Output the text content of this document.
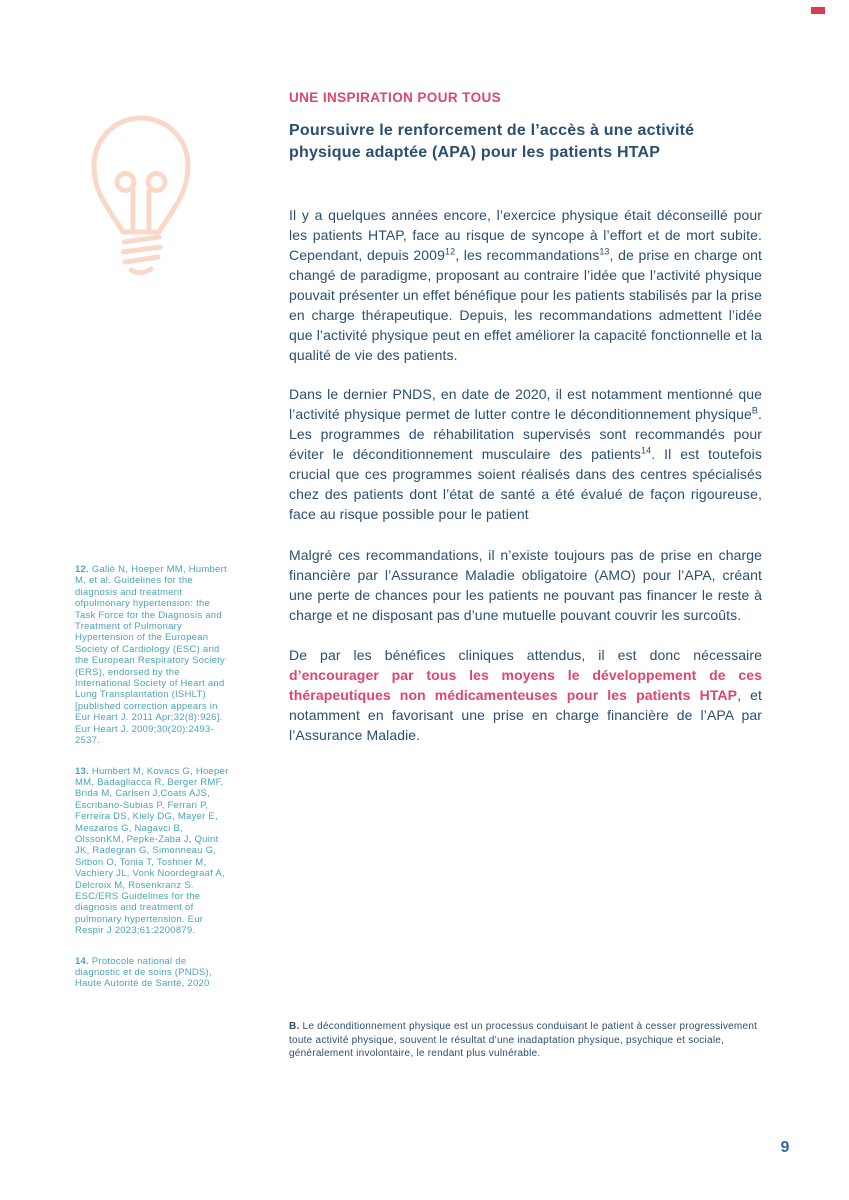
12. Galiè N, Hoeper MM, Humbert M, et al. Guidelines for the diagnosis and treatment ofpulmonary hypertension: the Task Force for the Diagnosis and Treatment of Pulmonary Hypertension of the European Society of Cardiology (ESC) and the European Respiratory Society (ERS), endorsed by the International Society of Heart and Lung Transplantation (ISHLT) [published correction appears in Eur Heart J. 2011 Apr;32(8):926]. Eur Heart J. 2009;30(20):2493-2537.

13. Humbert M, Kovacs G, Hoeper MM, Badagliacca R, Berger RMF, Brida M, Carlsen J,Coats AJS, Escribano-Subias P, Ferrari P, Ferreira DS, Kiely DG, Mayer E, Meszaros G, Nagavci B, OlssonKM, Pepke-Zaba J, Quint JK, Radegran G, Simonneau G, Sitbon O, Tonia T, Toshner M, Vachiery JL, Vonk Noordegraaf A, Delcroix M, Rosenkranz S. ESC/ERS Guidelines for the diagnosis and treatment of pulmonary hypertension. Eur Respir J 2023;61:2200879.

14. Protocole national de diagnostic et de soins (PNDS), Haute Autorité de Santé, 2020

UNE INSPIRATION POUR TOUS
Poursuivre le renforcement de l’accès à une activité physique adaptée (APA) pour les patients HTAP

Il y a quelques années encore, l’exercice physique était déconseillé pour les patients HTAP, face au risque de syncope à l’effort et de mort subite. Cependant, depuis 2009$^{12}$, les recommandations$^{13}$, de prise en charge ont changé de paradigme, proposant au contraire l’idée que l’activité physique pouvait présenter un effet bénéfique pour les patients stabilisés par la prise en charge thérapeutique. Depuis, les recommandations admettent l’idée que l’activité physique peut en effet améliorer la capacité fonctionnelle et la qualité de vie des patients.

Dans le dernier PNDS, en date de 2020, il est notamment mentionné que l’activité physique permet de lutter contre le déconditionnement physique$^B$. Les programmes de réhabilitation supervisés sont recommandés pour éviter le déconditionnement musculaire des patients$^{14}$. Il est toutefois crucial que ces programmes soient réalisés dans des centres spécialisés chez des patients dont l’état de santé a été évalué de façon rigoureuse, face au risque possible pour le patient

Malgré ces recommandations, il n’existe toujours pas de prise en charge financière par l’Assurance Maladie obligatoire (AMO) pour l’APA, créant une perte de chances pour les patients ne pouvant pas financer le reste à charge et ne disposant pas d’une mutuelle pouvant couvrir les surcoûts.

De par les bénéfices cliniques attendus, il est donc nécessaire d’encourager par tous les moyens le développement de ces thérapeutiques non médicamenteuses pour les patients HTAP, et notamment en favorisant une prise en charge financière de l’APA par l’Assurance Maladie.

B. Le déconditionnement physique est un processus conduisant le patient à cesser progressivement toute activité physique, souvent le résultat d’une inadaptation physique, psychique et sociale, généralement involontaire, le rendant plus vulnérable.

9
